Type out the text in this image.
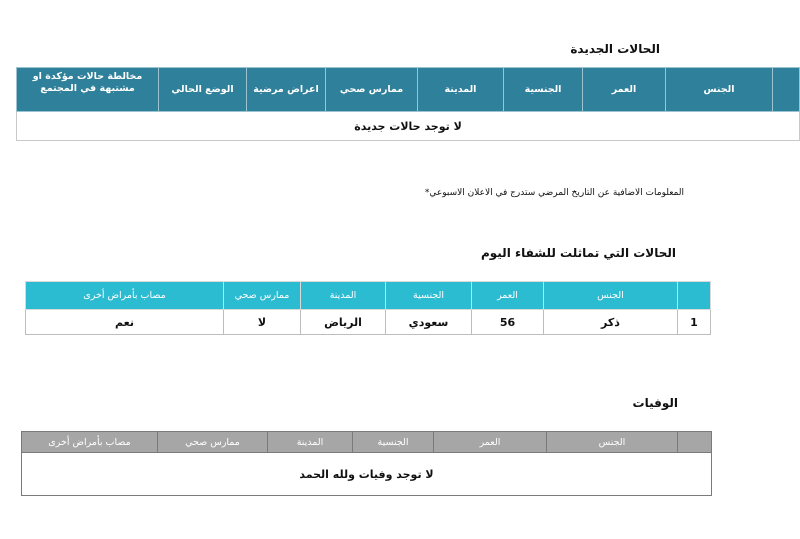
الحالات الجديدة
	الجنس	العمر	الجنسية	المدينة	ممارس صحي	اعراض مرضية	الوضع الحالي	مخالطة حالات مؤكدة او مشتبهة في المجتمع
لا توجد حالات جديدة
المعلومات الاضافية عن التاريخ المرضي ستدرج في الاعلان الاسبوعي*
الحالات التي تماثلت للشفاء اليوم
	الجنس	العمر	الجنسية	المدينة	ممارس صحي	مصاب بأمراض أخرى
1	ذكر	56	سعودي	الرياض	لا	نعم
الوفيات
	الجنس	العمر	الجنسية	المدينة	ممارس صحي	مصاب بأمراض أخرى
لا توجد وفيات ولله الحمد
